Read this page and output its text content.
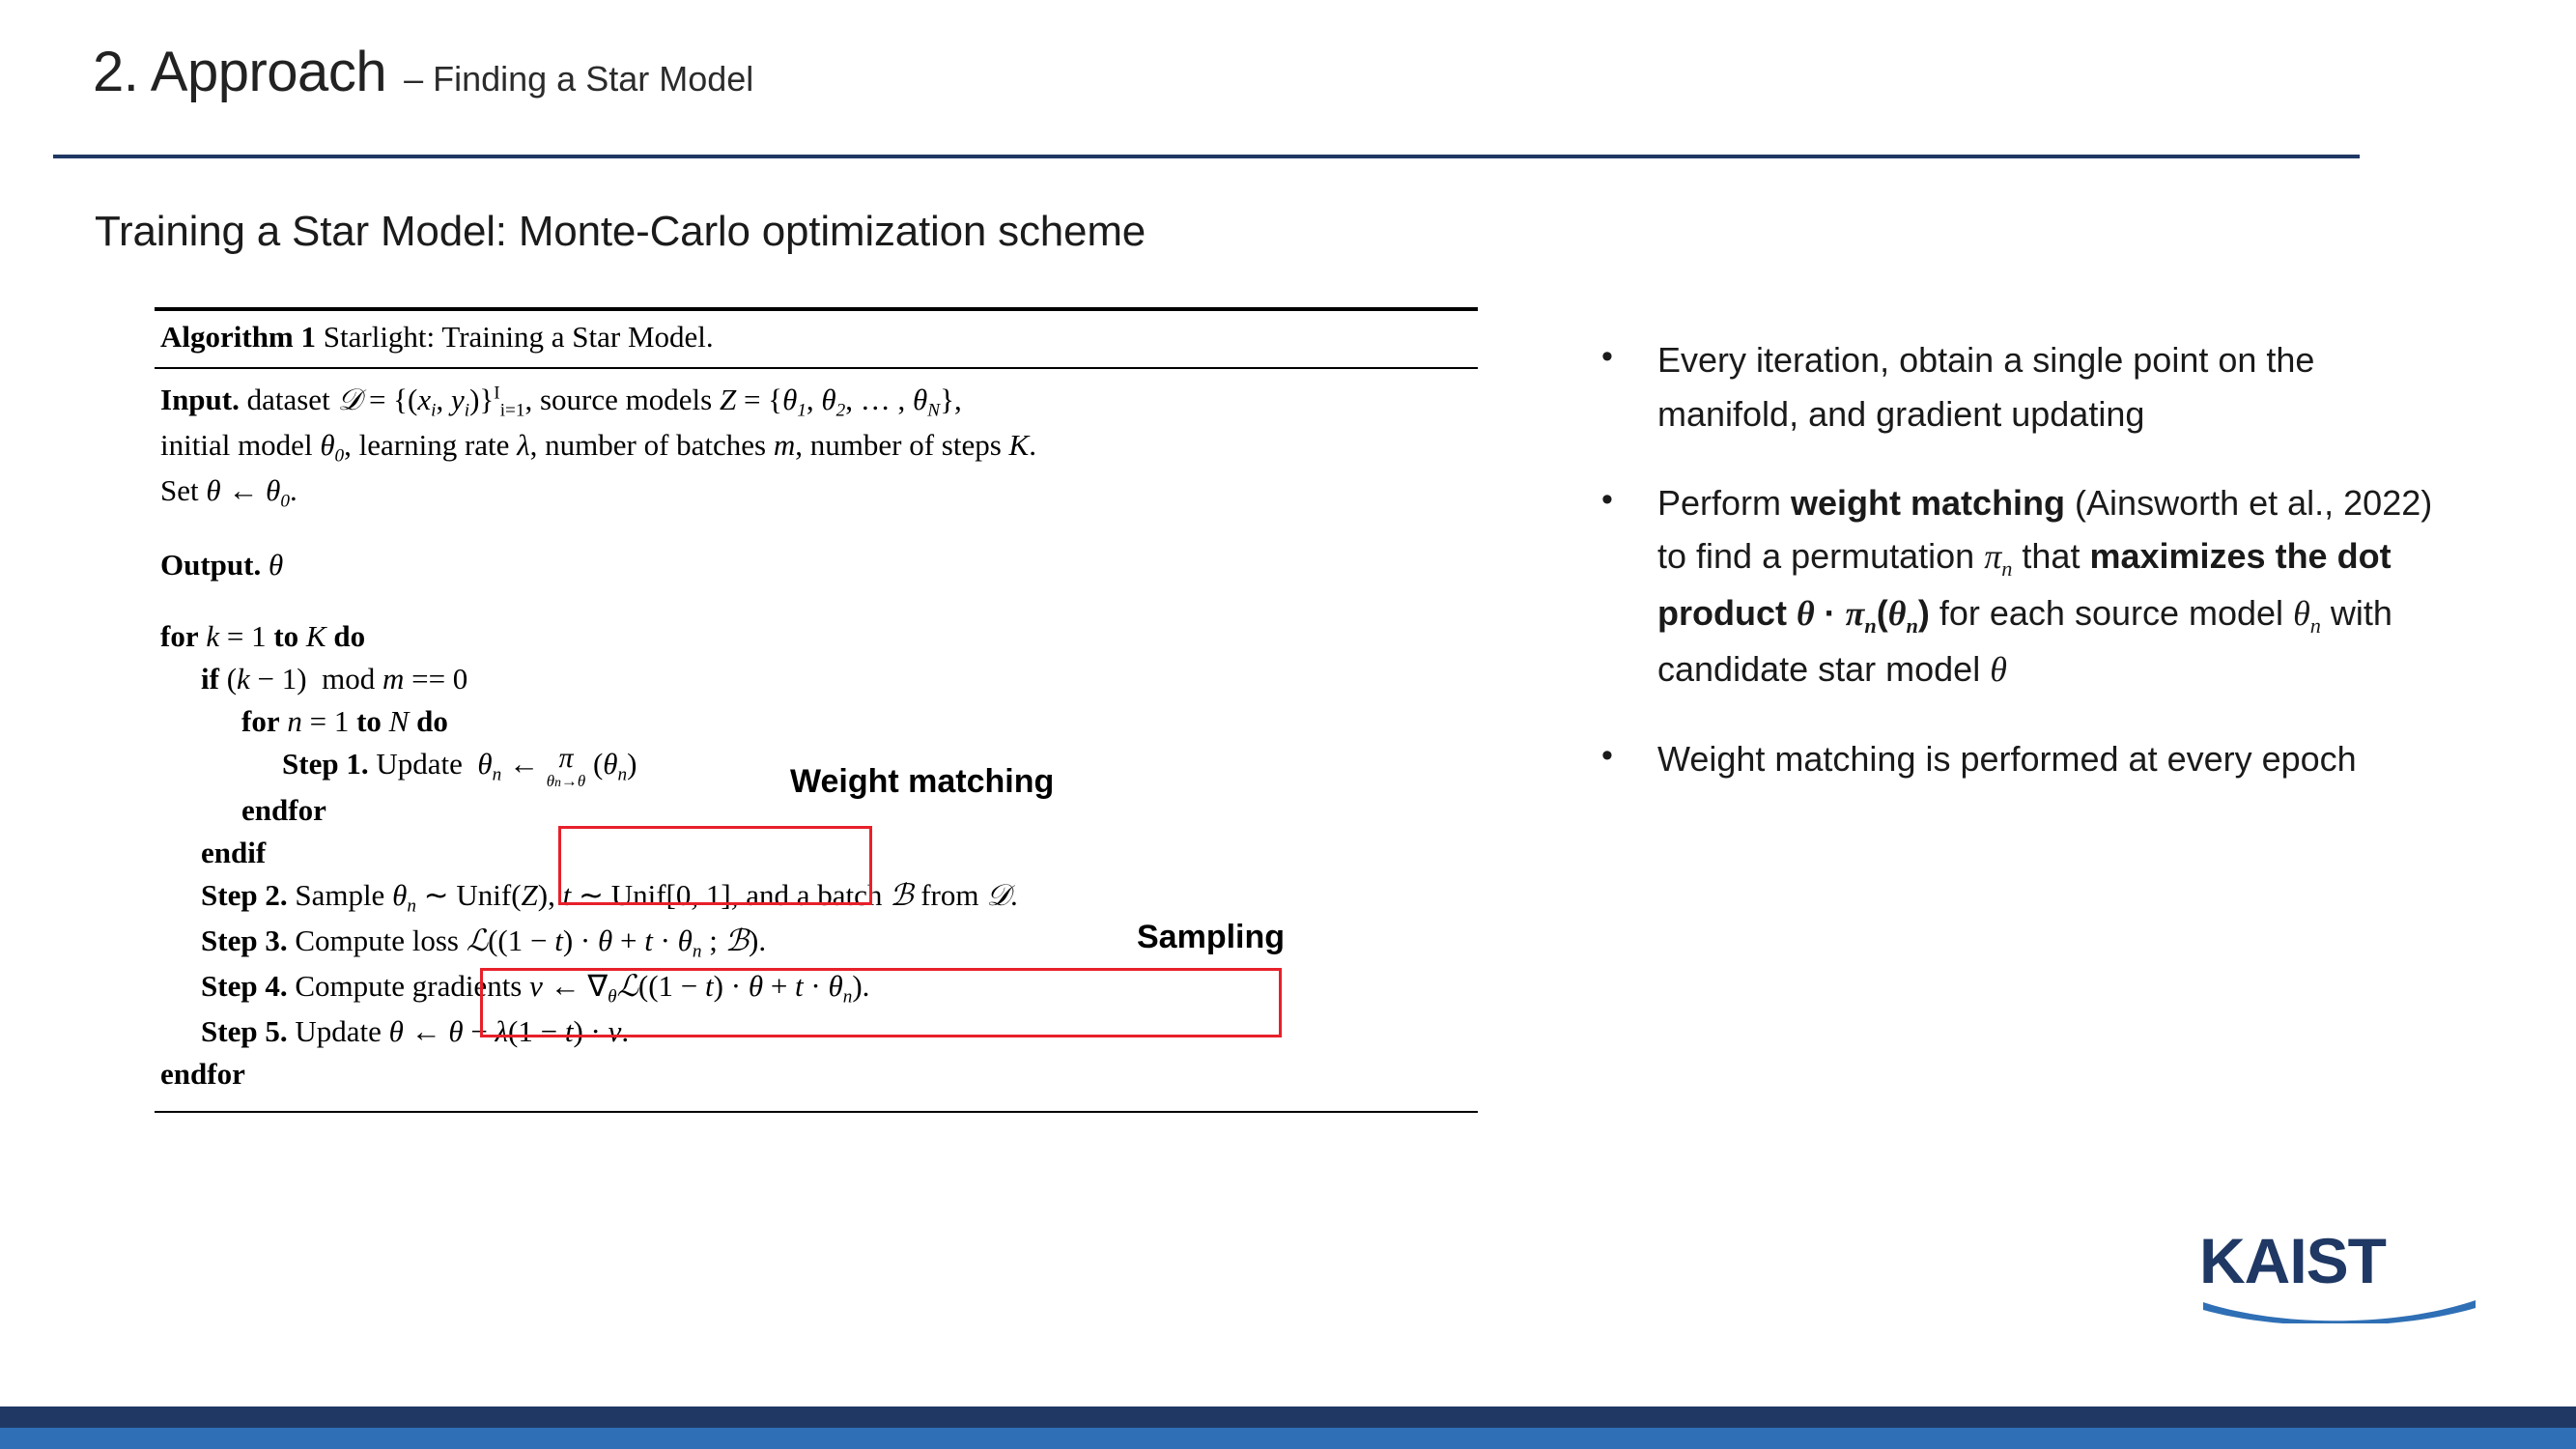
2. Approach – Finding a Star Model
Training a Star Model: Monte-Carlo optimization scheme
Algorithm 1 Starlight: Training a Star Model.
Input. dataset 𝒟 = {($x_i$, $y_i)\}^I_{i=1}$, source models $Z = \{\theta_1$, $\theta_2$, … , $\theta_N$},
initial model $\theta_0$, learning rate λ, number of batches m, number of steps K.
Set θ ← $\theta_0$.
Output. θ
for k = 1 to K do
if (k − 1)  mod m == 0
for n = 1 to N do
Step 1. Update  $\theta_n$ ← π
θn→θ
$(\theta_n)$
endfor
endif
Step 2. Sample $\theta_n$ ∼ Unif(Z), t ∼ Unif[0, 1], and a batch ℬ from 𝒟.
Step 3. Compute loss ℒ((1 − $t) \cdot \theta + t \cdot \theta_n$ ; ℬ).
Step 4. Compute gradients v ← $\nabla_\theta ℒ((1 - t) \cdot \theta + t \cdot \theta_n)$.
Step 5. Update θ ← θ − λ(1 − t) · v.
endfor
Weight matching
Sampling
•	Every iteration, obtain a single point on the manifold, and gradient updating
•	Perform weight matching (Ainsworth et al., 2022) to find a permutation $\pi_n$ that maximizes the dot product $\theta \cdot \pi_n(\theta_n)$ for each source model $\theta_n$ with candidate star model θ
•	Weight matching is performed at every epoch
KAIST
